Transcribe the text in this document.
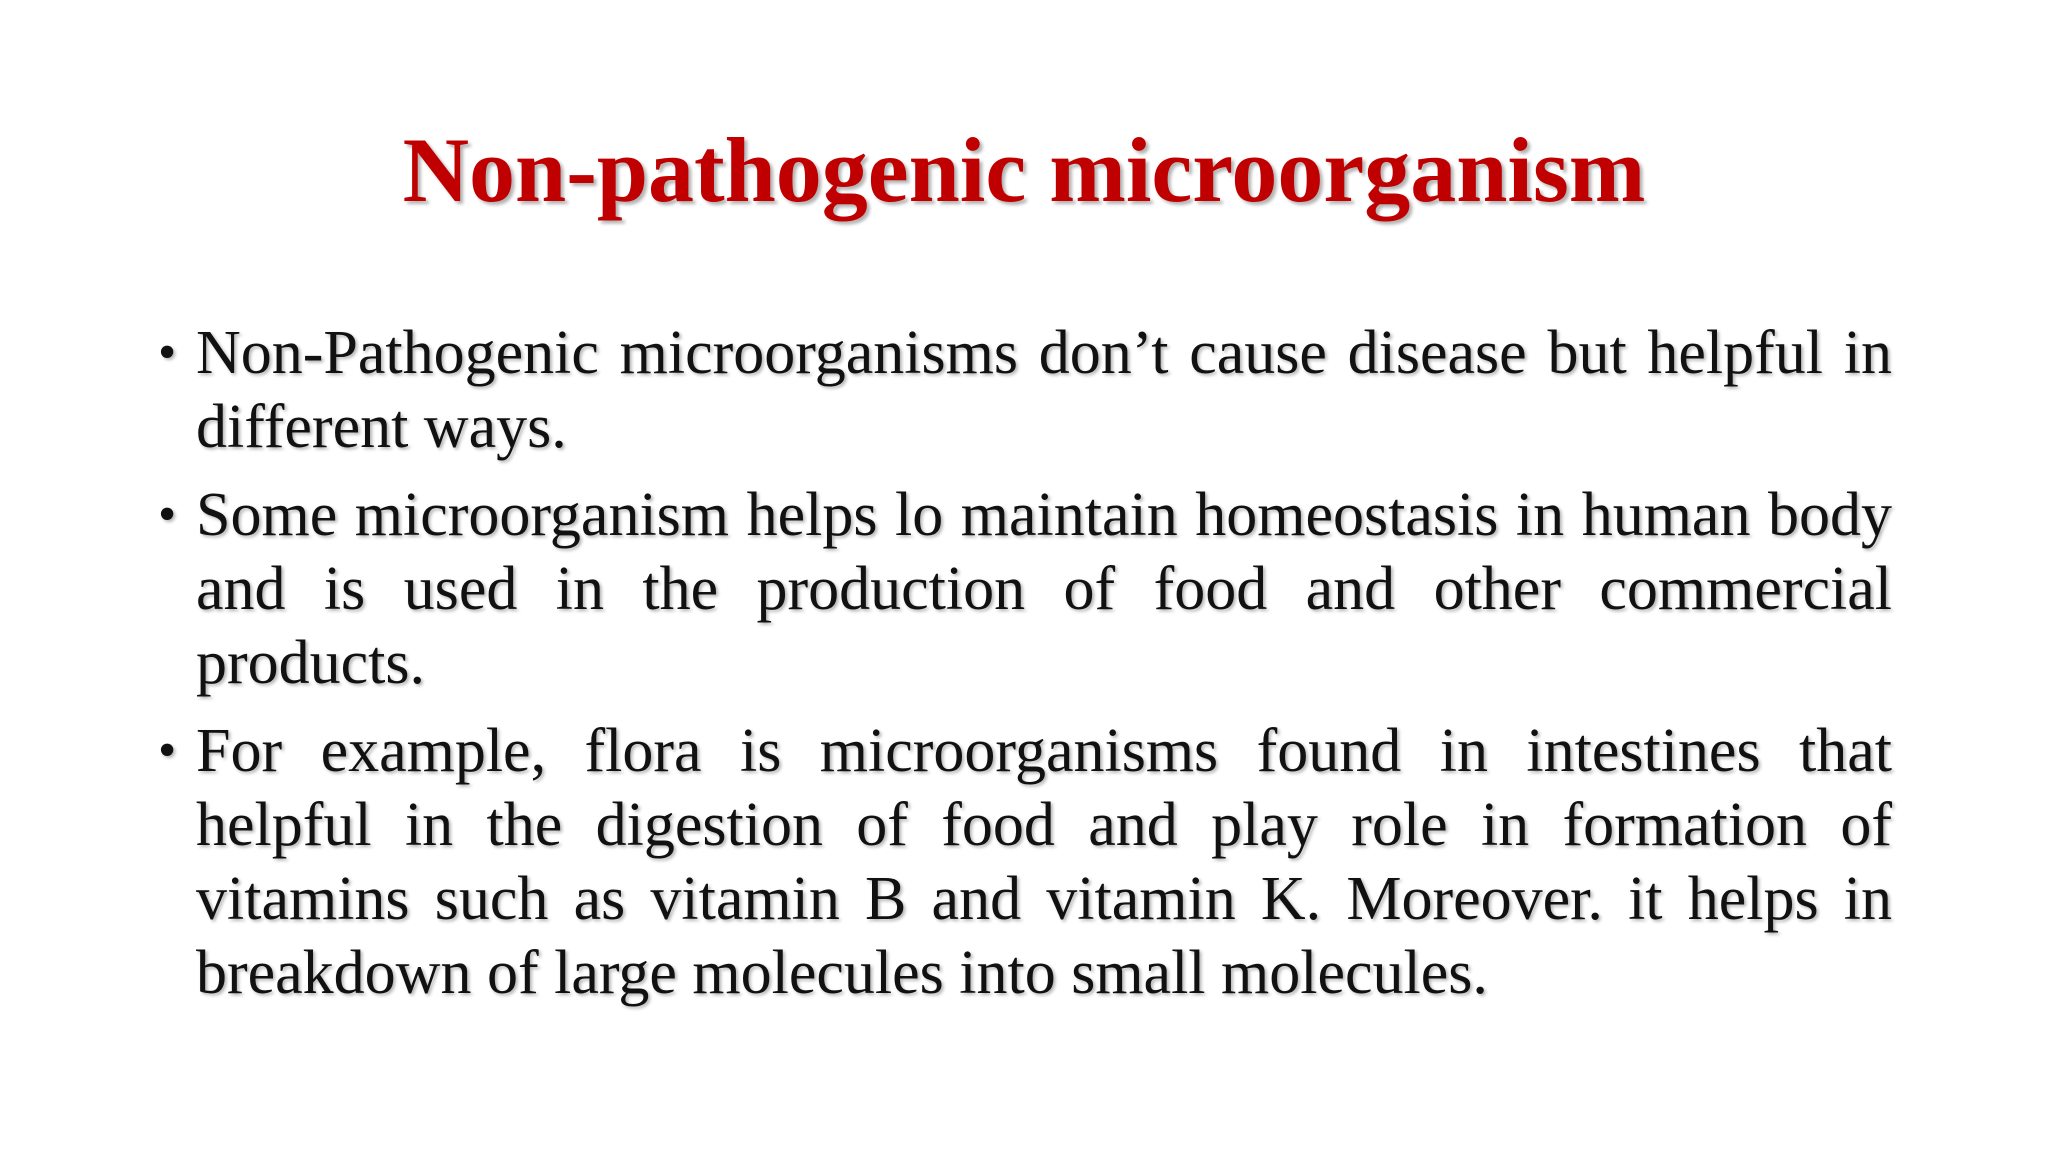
Non-pathogenic microorganism
• Non-Pathogenic microorganisms don’t cause disease but helpful in different ways.
• Some microorganism helps lo maintain homeostasis in human body and is used in the production of food and other commercial products.
• For example, flora is microorganisms found in intestines that helpful in the digestion of food and play role in formation of vitamins such as vitamin B and vitamin K. Moreover. it helps in breakdown of large molecules into small molecules.
